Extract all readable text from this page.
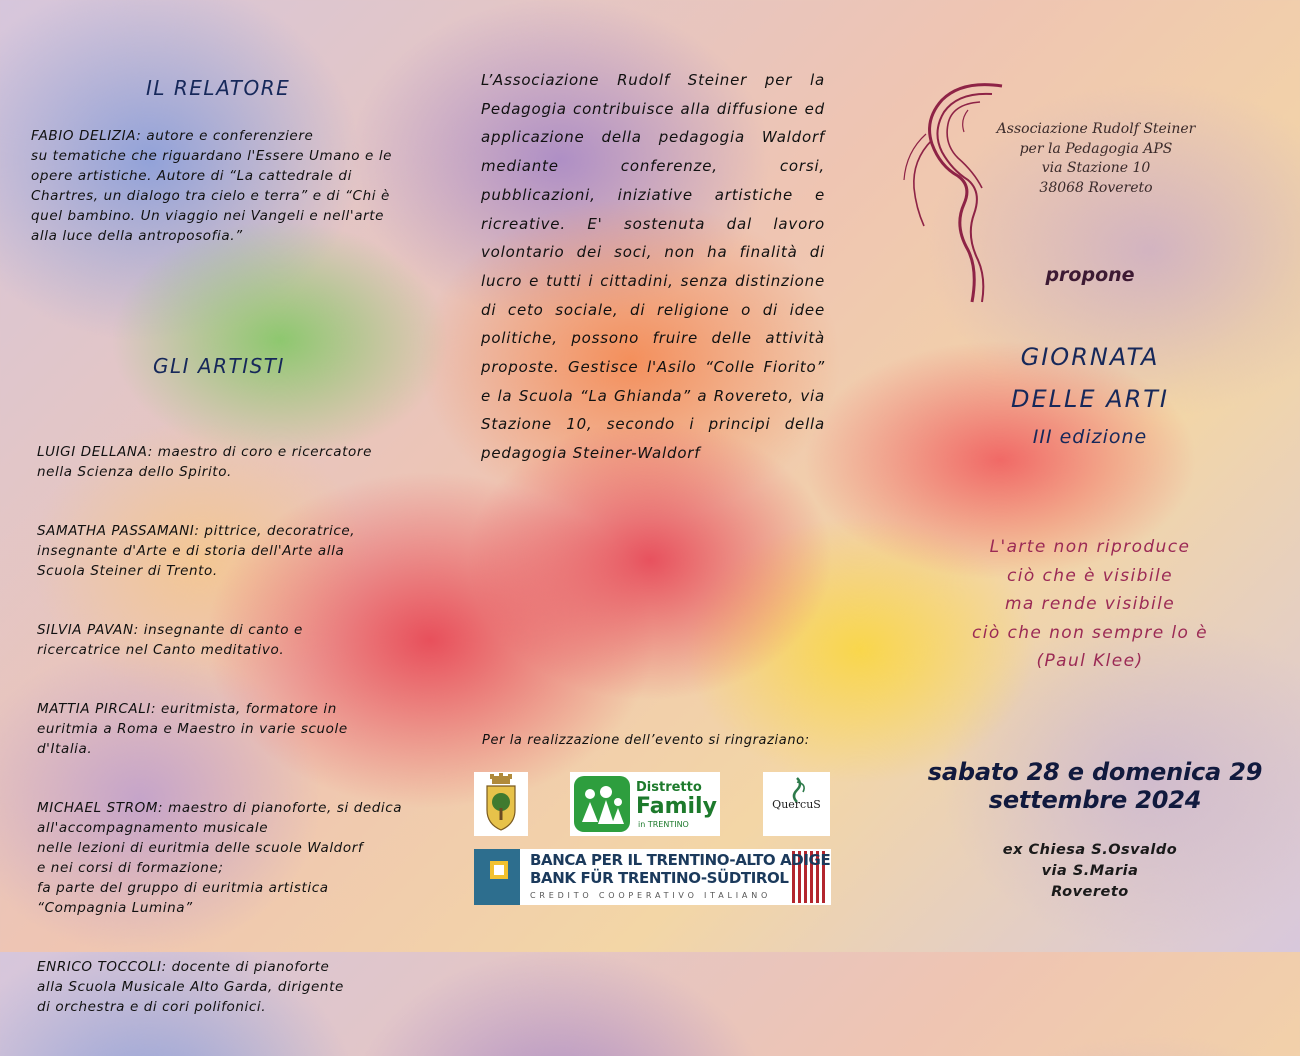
IL RELATORE
FABIO DELIZIA: autore e conferenziere
su tematiche che riguardano l'Essere Umano e le
opere artistiche. Autore di “La cattedrale di
Chartres, un dialogo tra cielo e terra” e di “Chi è
quel bambino. Un viaggio nei Vangeli e nell'arte
alla luce della antroposofia.”
GLI ARTISTI

LUIGI DELLANA: maestro di coro e ricercatore
nella Scienza dello Spirito.

SAMATHA PASSAMANI: pittrice, decoratrice,
insegnante d'Arte e di storia dell'Arte alla
Scuola Steiner di Trento.

SILVIA PAVAN: insegnante di canto e
ricercatrice nel Canto meditativo.

MATTIA PIRCALI: euritmista, formatore in
euritmia a Roma e Maestro in varie scuole
d'Italia.

MICHAEL STROM: maestro di pianoforte, si dedica
all'accompagnamento musicale
nelle lezioni di euritmia delle scuole Waldorf
e nei corsi di formazione;
fa parte del gruppo di euritmia artistica
“Compagnia Lumina”

ENRICO TOCCOLI: docente di pianoforte
alla Scuola Musicale Alto Garda, dirigente
di orchestra e di cori polifonici.

L’Associazione Rudolf Steiner per la Pedagogia contribuisce alla diffusione ed applicazione della pedagogia Waldorf mediante conferenze, corsi, pubblicazioni, iniziative artistiche e ricreative. E' sostenuta dal lavoro volontario dei soci, non ha finalità di lucro e tutti i cittadini, senza distinzione di ceto sociale, di religione o di idee politiche, possono fruire delle attività proposte. Gestisce l'Asilo “Colle Fiorito” e la Scuola “La Ghianda” a Rovereto, via Stazione 10, secondo i principi della pedagogia Steiner-Waldorf
Per la realizzazione dell’evento si ringraziano:
Distretto
Family
in TRENTINO
QuercuS
BANCA PER IL TRENTINO-ALTO ADIGE
BANK FÜR TRENTINO-SÜDTIROL
CREDITO COOPERATIVO ITALIANO
Associazione Rudolf Steiner
per la Pedagogia APS
via Stazione 10
38068 Rovereto
propone
GIORNATA
DELLE ARTI
III edizione
L'arte non riproduce
ciò che è visibile
ma rende visibile
ciò che non sempre lo è
(Paul Klee)
sabato 28 e domenica 29
settembre 2024
ex Chiesa S.Osvaldo
via S.Maria
Rovereto
